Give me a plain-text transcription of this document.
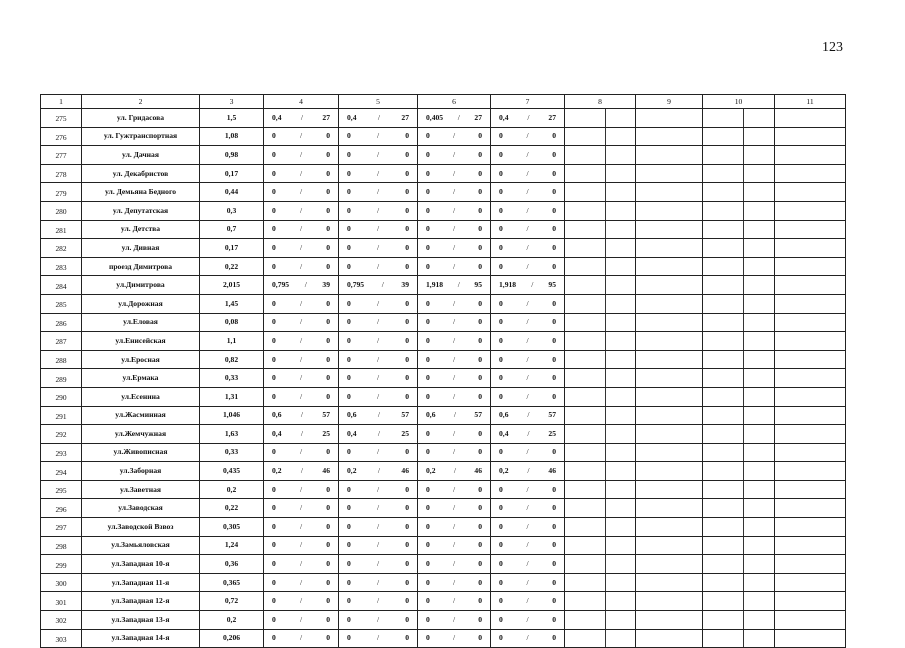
123
1	2	3	4	5	6	7	8	9	10	11
275	ул. Гридасова	1,5	0,4 / 27	0,4 / 27	0,405 / 27	0,4 / 27				

276	ул. Гужтранспортная	1,08	0 / 0	0 / 0	0 / 0	0 / 0				

277	ул. Дачная	0,98	0 / 0	0 / 0	0 / 0	0 / 0				

278	ул. Декабристов	0,17	0 / 0	0 / 0	0 / 0	0 / 0				

279	ул. Демьяна Бедного	0,44	0 / 0	0 / 0	0 / 0	0 / 0				

280	ул. Депутатская	0,3	0 / 0	0 / 0	0 / 0	0 / 0				

281	ул. Детства	0,7	0 / 0	0 / 0	0 / 0	0 / 0				

282	ул. Дивная	0,17	0 / 0	0 / 0	0 / 0	0 / 0				

283	проезд Димитрова	0,22	0 / 0	0 / 0	0 / 0	0 / 0				

284	ул.Димитрова	2,015	0,795 / 39	0,795 / 39	1,918 / 95	1,918 / 95				

285	ул.Дорожная	1,45	0 / 0	0 / 0	0 / 0	0 / 0				

286	ул.Еловая	0,08	0 / 0	0 / 0	0 / 0	0 / 0				

287	ул.Енисейская	1,1	0 / 0	0 / 0	0 / 0	0 / 0				

288	ул.Еросная	0,82	0 / 0	0 / 0	0 / 0	0 / 0				

289	ул.Ермака	0,33	0 / 0	0 / 0	0 / 0	0 / 0				

290	ул.Есенина	1,31	0 / 0	0 / 0	0 / 0	0 / 0				

291	ул.Жасминная	1,046	0,6 / 57	0,6 / 57	0,6 / 57	0,6 / 57				

292	ул.Жемчужная	1,63	0,4 / 25	0,4 / 25	0 / 0	0,4 / 25				

293	ул.Живописная	0,33	0 / 0	0 / 0	0 / 0	0 / 0				

294	ул.Заборная	0,435	0,2 / 46	0,2 / 46	0,2 / 46	0,2 / 46				

295	ул.Заветная	0,2	0 / 0	0 / 0	0 / 0	0 / 0				

296	ул.Заводская	0,22	0 / 0	0 / 0	0 / 0	0 / 0				

297	ул.Заводской Взвоз	0,305	0 / 0	0 / 0	0 / 0	0 / 0				

298	ул.Замьяловская	1,24	0 / 0	0 / 0	0 / 0	0 / 0				

299	ул.Западная 10-я	0,36	0 / 0	0 / 0	0 / 0	0 / 0				

300	ул.Западная 11-я	0,365	0 / 0	0 / 0	0 / 0	0 / 0				

301	ул.Западная 12-я	0,72	0 / 0	0 / 0	0 / 0	0 / 0				

302	ул.Западная 13-я	0,2	0 / 0	0 / 0	0 / 0	0 / 0				

303	ул.Западная 14-я	0,206	0 / 0	0 / 0	0 / 0	0 / 0				
